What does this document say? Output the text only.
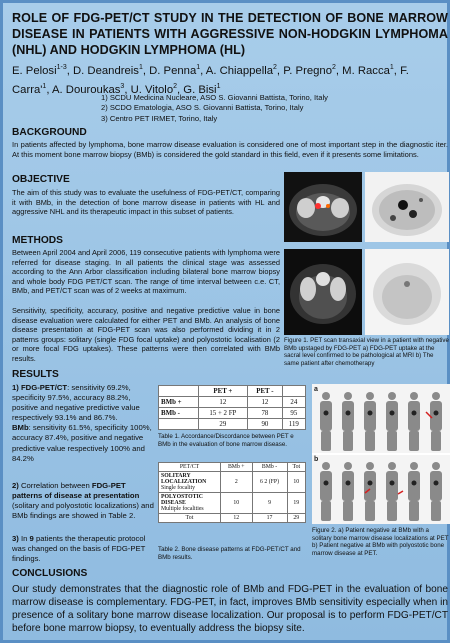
ROLE OF FDG-PET/CT STUDY IN THE DETECTION OF BONE MARROW DISEASE IN PATIENTS WITH AGGRESSIVE NON-HODGKIN LYMPHOMA (NHL) AND HODGKIN LYMPHOMA (HL)
E. Pelosi$^{1-3}$, D. Deandreis$^1$, D. Penna$^1$, A. Chiappella$^2$, P. Pregno$^2$, M. Racca$^1$, F. $Carra'^1$, A. Douroukas$^3$, U. Vitolo$^2$, G. Bisi$^1$
1) SCDU Medicina Nucleare, ASO S. Giovanni Battista, Torino, Italy
2) SCDO Ematologia, ASO S. Giovanni Battista, Torino, Italy
3) Centro PET IRMET, Torino, Italy
BACKGROUND
In patients affected by lymphoma, bone marrow disease evaluation is considered one of most important step in the diagnostic iter. At this moment bone marrow biopsy (BMb) is considered the gold standard in this field, even if it presents some limitations.
OBJECTIVE
The aim of this study was to evaluate the usefulness of FDG-PET/CT, comparing it with BMb, in the detection of bone marrow disease in patients with HL and aggressive NHL and its therapeutic impact in this subset of patients.
METHODS
Between April 2004 and April 2006, 119 consecutive patients with lymphoma were referred for disease staging. In all patients the clinical stage was assessed according to the Ann Arbor classification including bilateral bone marrow biopsy and whole body FDG PET/CT scan. The range of time interval between c.e. CT, BMb, and PET/CT scan was of 2 weeks at maximum.
Sensitivity, specificity, accuracy, positive and negative predictive value in bone disease evaluation were calculated for either PET and BMb. An analysis of bone disease presentation at FDG-PET scan was also performed dividing it in 2 patterns groups: solitary (single FDG focal uptake) and polyostotic localisation (2 or more focal FDG uptakes). These patterns were then correlated with BMb results.
Figure 1. PET scan transaxial view in a patient with negative BMb upstaged by FDG-PET a) FDG-PET uptake at the sacral level confirmed to be pathological at MRI b) The same patient after chemotherapy
RESULTS
1) FDG-PET/CT: sensitivity 69.2%, specificity 97.5%, accuracy 88.2%, positive and negative predictive value respectively 93.1% and 86.7%.
BMb: sensitivity 61.5%, specificity 100%, accuracy 87.4%, positive and negative predictive value respectively 100% and 84.2%
2) Correlation between FDG-PET patterns of disease at presentation (solitary and polyostotic localizations) and BMb findings are showed in Table 2.
3) In 9 patients the therapeutic protocol was changed on the basis of FDG-PET findings.
	PET +	PET -	
BMb +	12	12	24
BMb -	15 + 2 FP	78	95
	29	90	119
Table 1. Accordance/Discordance between PET e BMb in the evaluation of bone marrow disease.
PET/CT	BMb +	BMb -	Tot
SOLITARY LOCALIZATION
Single focality	2	6 2 (FP)	10
POLYOSTOTIC DISEASE
Multiple focalities	10	9	19
Tot	12	17	29
Table 2. Bone disease patterns at FDG-PET/CT and BMb results.
a
b
Figure 2. a) Patient negative at BMb with a solitary bone marrow disease localizations at PET b) Patient negative at BMb with polyostotic bone marrow disease at PET.
CONCLUSIONS
Our study demonstrates that the diagnostic role of BMb and FDG-PET in the evaluation of bone marrow disease is complementary. FDG-PET, in fact, improves BMb sensitivity especially when in presence of a solitary bone marrow disease localization. Our proposal is to perform FDG-PET/CT before bone marrow biopsy, to eventually address the biopsy site.
